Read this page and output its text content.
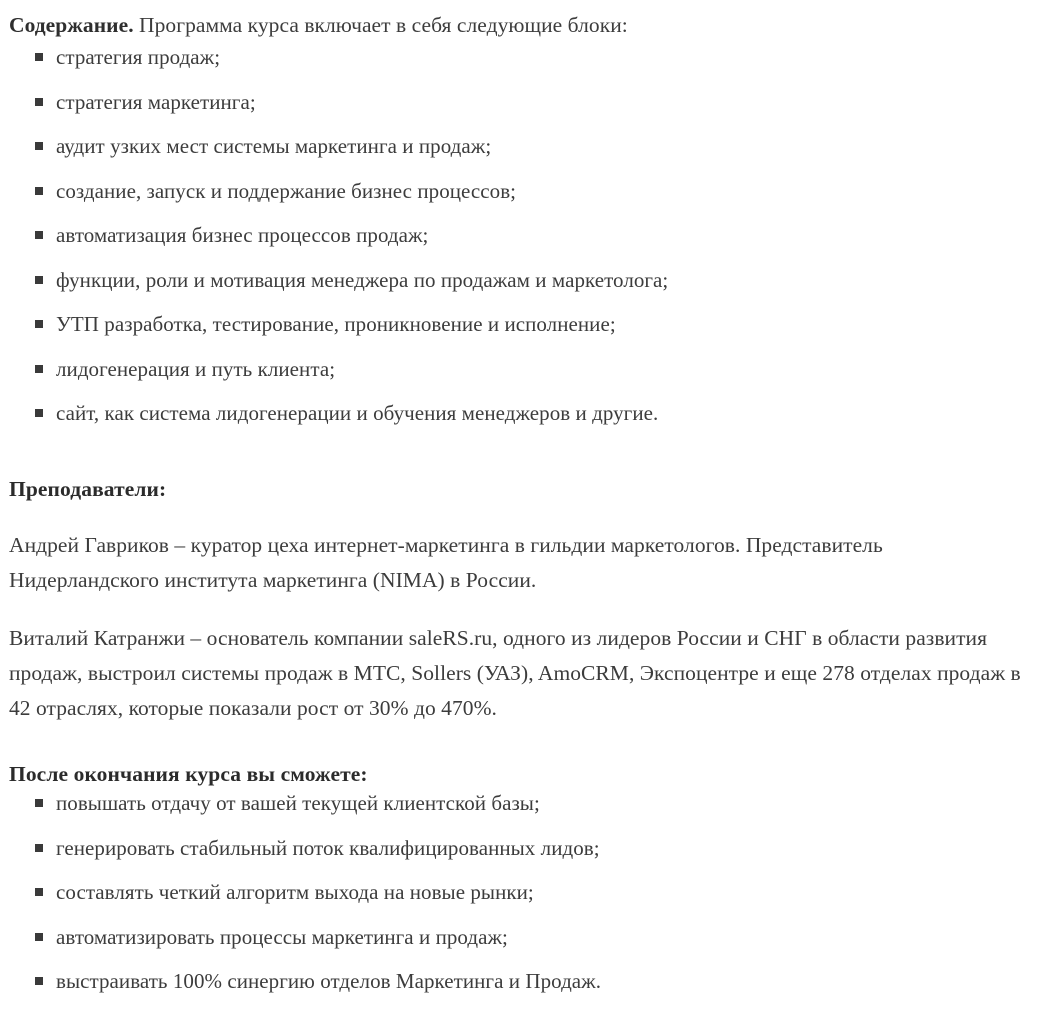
Содержание. Программа курса включает в себя следующие блоки:

стратегия продаж;
стратегия маркетинга;
аудит узких мест системы маркетинга и продаж;
создание, запуск и поддержание бизнес процессов;
автоматизация бизнес процессов продаж;
функции, роли и мотивация менеджера по продажам и маркетолога;
УТП разработка, тестирование, проникновение и исполнение;
лидогенерация и путь клиента;
сайт, как система лидогенерации и обучения менеджеров и другие.
Преподаватели:

Андрей Гавриков – куратор цеха интернет-маркетинга в гильдии маркетологов. Представитель Нидерландского института маркетинга (NIMA) в России.

Виталий Катранжи – основатель компании saleRS.ru, одного из лидеров России и СНГ в области развития продаж, выстроил системы продаж в МТС, Sollers (УАЗ), AmoCRM, Экспоцентре и еще 278 отделах продаж в 42 отраслях, которые показали рост от 30% до 470%.

После окончания курса вы сможете:
повышать отдачу от вашей текущей клиентской базы;
генерировать стабильный поток квалифицированных лидов;
составлять четкий алгоритм выхода на новые рынки;
автоматизировать процессы маркетинга и продаж;
выстраивать 100% синергию отделов Маркетинга и Продаж.
